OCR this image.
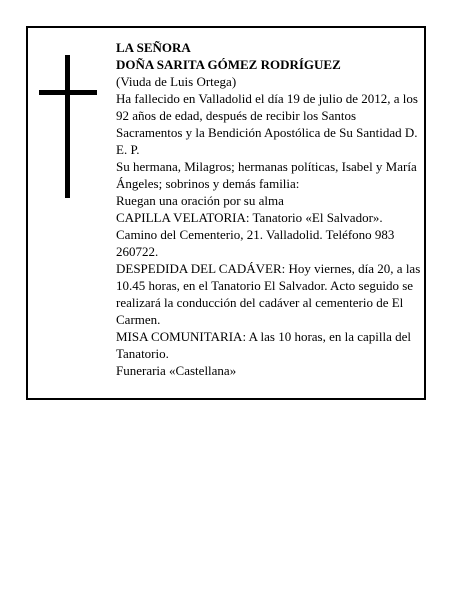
LA SEÑORA

DOÑA SARITA GÓMEZ RODRÍGUEZ

(Viuda de Luis Ortega)

Ha fallecido en Valladolid el día 19 de julio de 2012, a los 92 años de edad, después de recibir los Santos Sacramentos y la Bendición Apostólica de Su Santidad D. E. P.

Su hermana, Milagros; hermanas políticas, Isabel y María Ángeles; sobrinos y demás familia:

Ruegan una oración por su alma

CAPILLA VELATORIA: Tanatorio «El Salvador». Camino del Cementerio, 21. Valladolid. Teléfono 983 260722.

DESPEDIDA DEL CADÁVER: Hoy viernes, día 20, a las 10.45 horas, en el Tanatorio El Salvador. Acto seguido se realizará la conducción del cadáver al cementerio de El Carmen.

MISA COMUNITARIA: A las 10 horas, en la capilla del Tanatorio.

Funeraria «Castellana»
